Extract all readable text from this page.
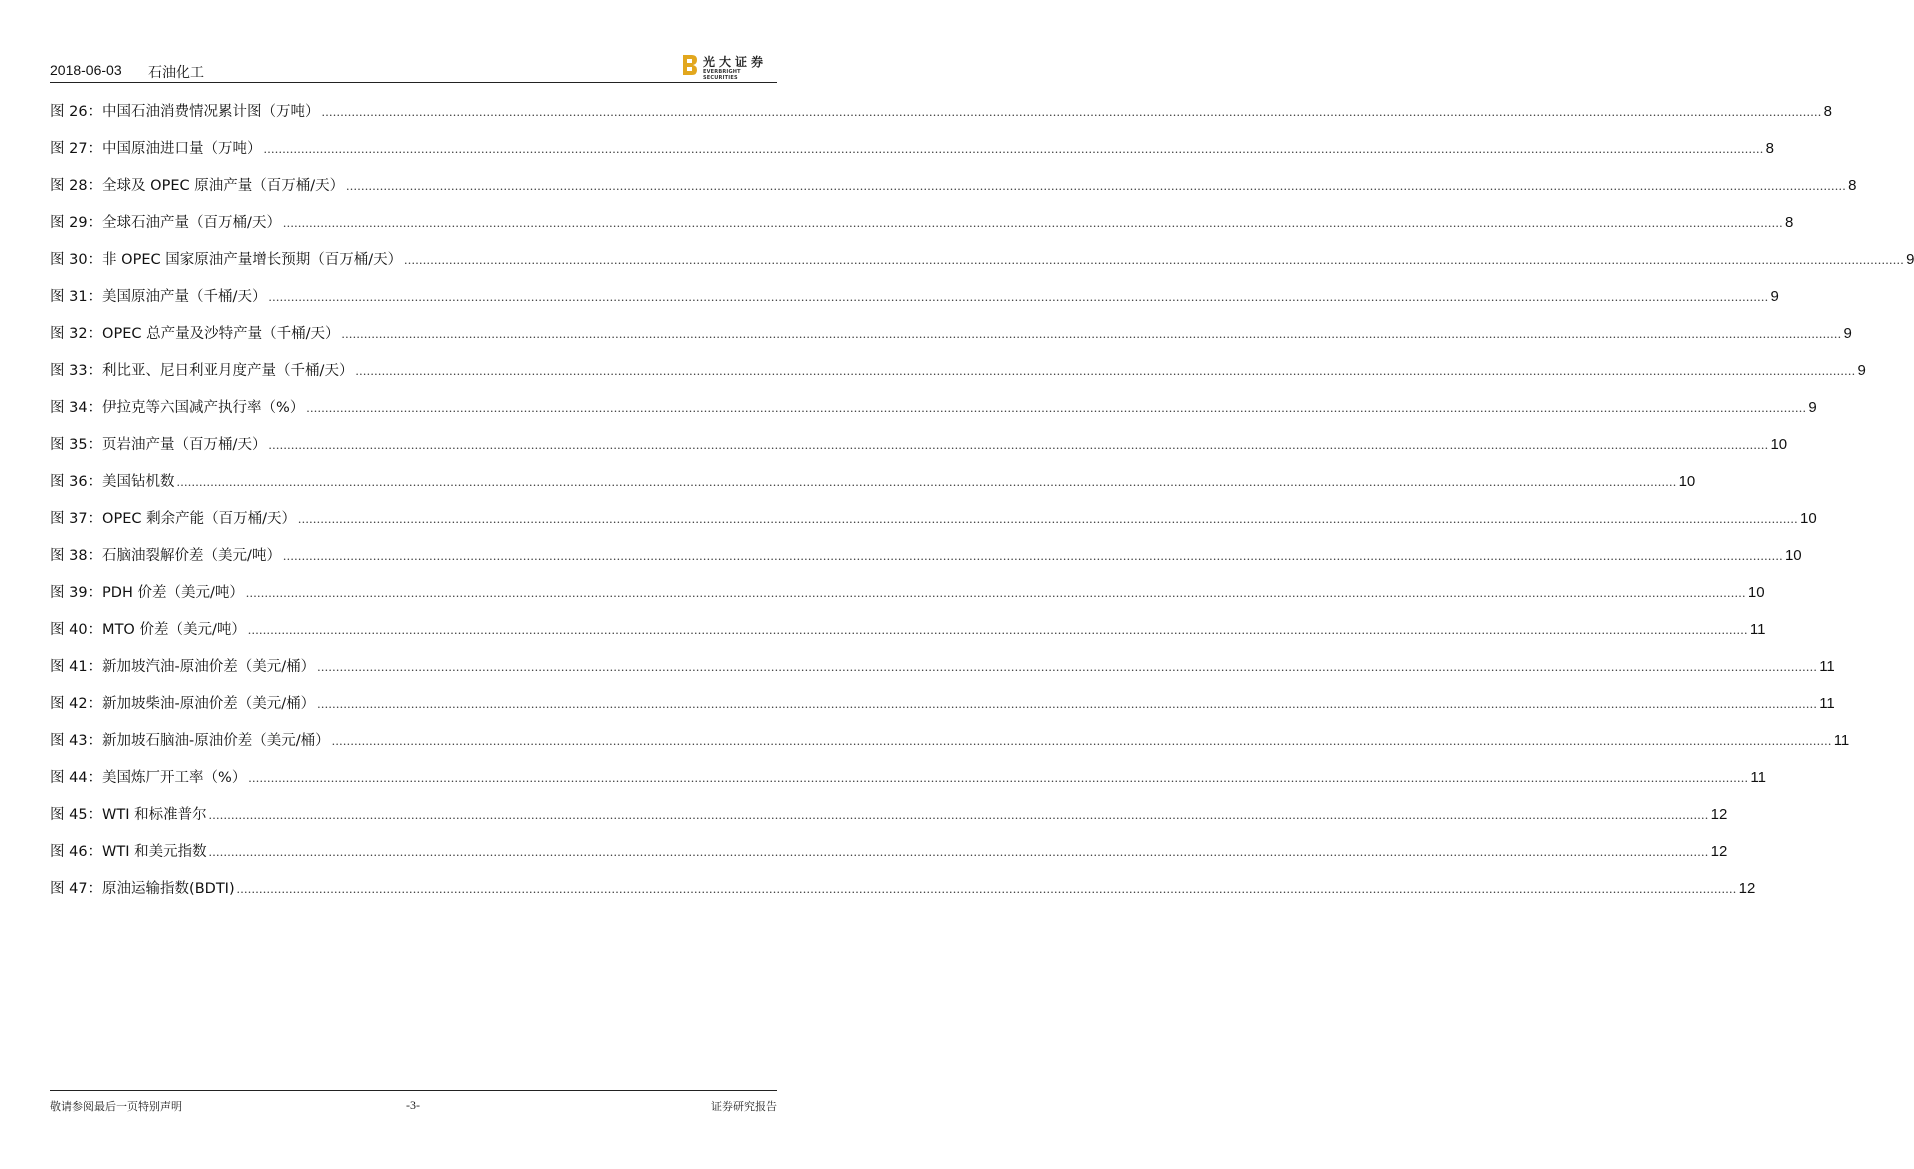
2018-06-03 石油化工
光大证券
EVERBRIGHT SECURITIES
图 26：中国石油消费情况累计图（万吨） ................................................................................................................................................................................................................................................................................................................................................................................................................ 8
图 27：中国原油进口量（万吨） ................................................................................................................................................................................................................................................................................................................................................................................................................ 8
图 28：全球及 OPEC 原油产量（百万桶/天） ................................................................................................................................................................................................................................................................................................................................................................................................................ 8
图 29：全球石油产量（百万桶/天） ................................................................................................................................................................................................................................................................................................................................................................................................................ 8
图 30：非 OPEC 国家原油产量增长预期（百万桶/天） ................................................................................................................................................................................................................................................................................................................................................................................................................ 9
图 31：美国原油产量（千桶/天） ................................................................................................................................................................................................................................................................................................................................................................................................................ 9
图 32：OPEC 总产量及沙特产量（千桶/天） ................................................................................................................................................................................................................................................................................................................................................................................................................ 9
图 33：利比亚、尼日利亚月度产量（千桶/天） ................................................................................................................................................................................................................................................................................................................................................................................................................ 9
图 34：伊拉克等六国减产执行率（%） ................................................................................................................................................................................................................................................................................................................................................................................................................ 9
图 35：页岩油产量（百万桶/天） ................................................................................................................................................................................................................................................................................................................................................................................................................ 10
图 36：美国钻机数 ................................................................................................................................................................................................................................................................................................................................................................................................................ 10
图 37：OPEC 剩余产能（百万桶/天） ................................................................................................................................................................................................................................................................................................................................................................................................................ 10
图 38：石脑油裂解价差（美元/吨） ................................................................................................................................................................................................................................................................................................................................................................................................................ 10
图 39：PDH 价差（美元/吨） ................................................................................................................................................................................................................................................................................................................................................................................................................ 10
图 40：MTO 价差（美元/吨） ................................................................................................................................................................................................................................................................................................................................................................................................................ 11
图 41：新加坡汽油-原油价差（美元/桶） ................................................................................................................................................................................................................................................................................................................................................................................................................ 11
图 42：新加坡柴油-原油价差（美元/桶） ................................................................................................................................................................................................................................................................................................................................................................................................................ 11
图 43：新加坡石脑油-原油价差（美元/桶） ................................................................................................................................................................................................................................................................................................................................................................................................................ 11
图 44：美国炼厂开工率（%） ................................................................................................................................................................................................................................................................................................................................................................................................................ 11
图 45：WTI 和标准普尔 ................................................................................................................................................................................................................................................................................................................................................................................................................ 12
图 46：WTI 和美元指数 ................................................................................................................................................................................................................................................................................................................................................................................................................ 12
图 47：原油运输指数(BDTI) ................................................................................................................................................................................................................................................................................................................................................................................................................ 12
敬请参阅最后一页特别声明	-3-	证券研究报告
